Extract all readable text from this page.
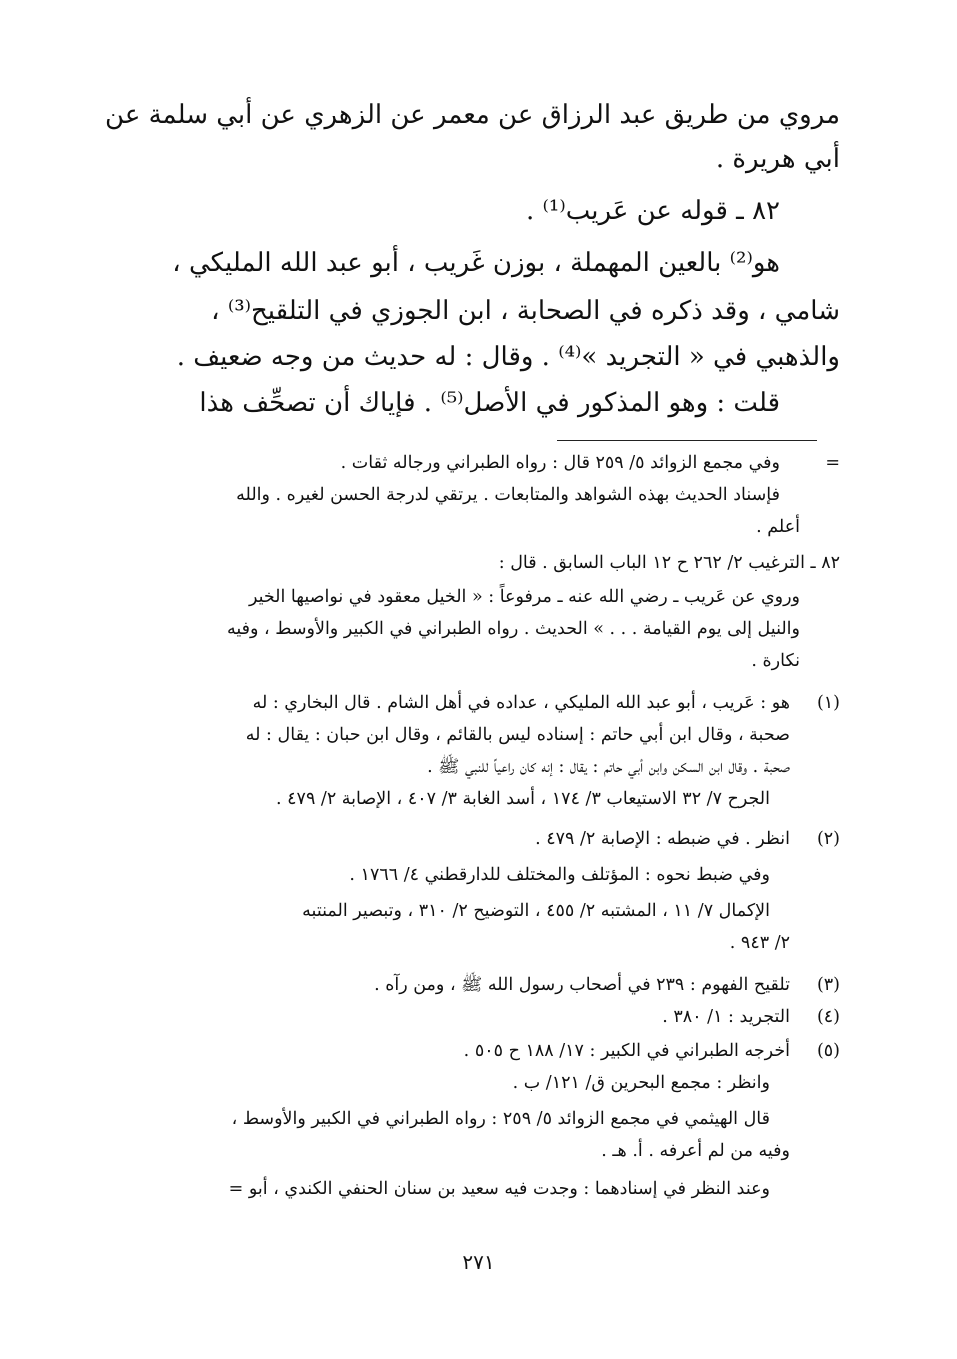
مروي من طريق عبد الرزاق عن معمر عن الزهري عن أبي سلمة عن
أبي هريرة .
٨٢ ـ قوله عن عَريب⁽¹⁾ .
هو⁽²⁾ بالعين المهملة ، بوزن غَريب ، أبو عبد الله المليكي ،
شامي ، وقد ذكره في الصحابة ، ابن الجوزي في التلقيح⁽³⁾ ،
والذهبي في « التجريد »⁽⁴⁾ . وقال : له حديث من وجه ضعيف .
قلت : وهو المذكور في الأصل⁽⁵⁾ . فإياك أن تصحِّف هذا
=
وفي مجمع الزوائد ٥/ ٢٥٩ قال : رواه الطبراني ورجاله ثقات .
فإسناد الحديث بهذه الشواهد والمتابعات . يرتقي لدرجة الحسن لغيره . والله
أعلم .
٨٢ ـ الترغيب ٢/ ٢٦٢ ح ١٢ الباب السابق . قال :
وروي عن عَريب ـ رضي الله عنه ـ مرفوعاً : « الخيل معقود في نواصيها الخير
والنيل إلى يوم القيامة . . . » الحديث . رواه الطبراني في الكبير والأوسط ، وفيه
نكارة .
(١)
هو : عَريب ، أبو عبد الله المليكي ، عداده في أهل الشام . قال البخاري : له
صحبة ، وقال ابن أبي حاتم : إسناده ليس بالقائم ، وقال ابن حبان : يقال : له
صحبة . وقال ابن السكن وابن أبي حاتم : يقال : إنه كان راعياً للنبي ﷺ .
الجرح ٧/ ٣٢ الاستيعاب ٣/ ١٧٤ ، أسد الغابة ٣/ ٤٠٧ ، الإصابة ٢/ ٤٧٩ .
(٢)
انظر . في ضبطه : الإصابة ٢/ ٤٧٩ .
وفي ضبط نحوه : المؤتلف والمختلف للدارقطني ٤/ ١٧٦٦ .
الإكمال ٧/ ١١ ، المشتبه ٢/ ٤٥٥ ، التوضيح ٢/ ٣١٠ ، وتبصير المنتبه
٢/ ٩٤٣ .
(٣)
تلقيح الفهوم : ٢٣٩ في أصحاب رسول الله ﷺ ، ومن رآه .
(٤)
التجريد : ١/ ٣٨٠ .
(٥)
أخرجه الطبراني في الكبير : ١٧/ ١٨٨ ح ٥٠٥ .
وانظر : مجمع البحرين ق/ ١٢١/ ب .
قال الهيثمي في مجمع الزوائد ٥/ ٢٥٩ : رواه الطبراني في الكبير والأوسط ،
وفيه من لم أعرفه . أ. هـ .
وعند النظر في إسنادهما : وجدت فيه سعيد بن سنان الحنفي الكندي ، أبو =
٢٧١
